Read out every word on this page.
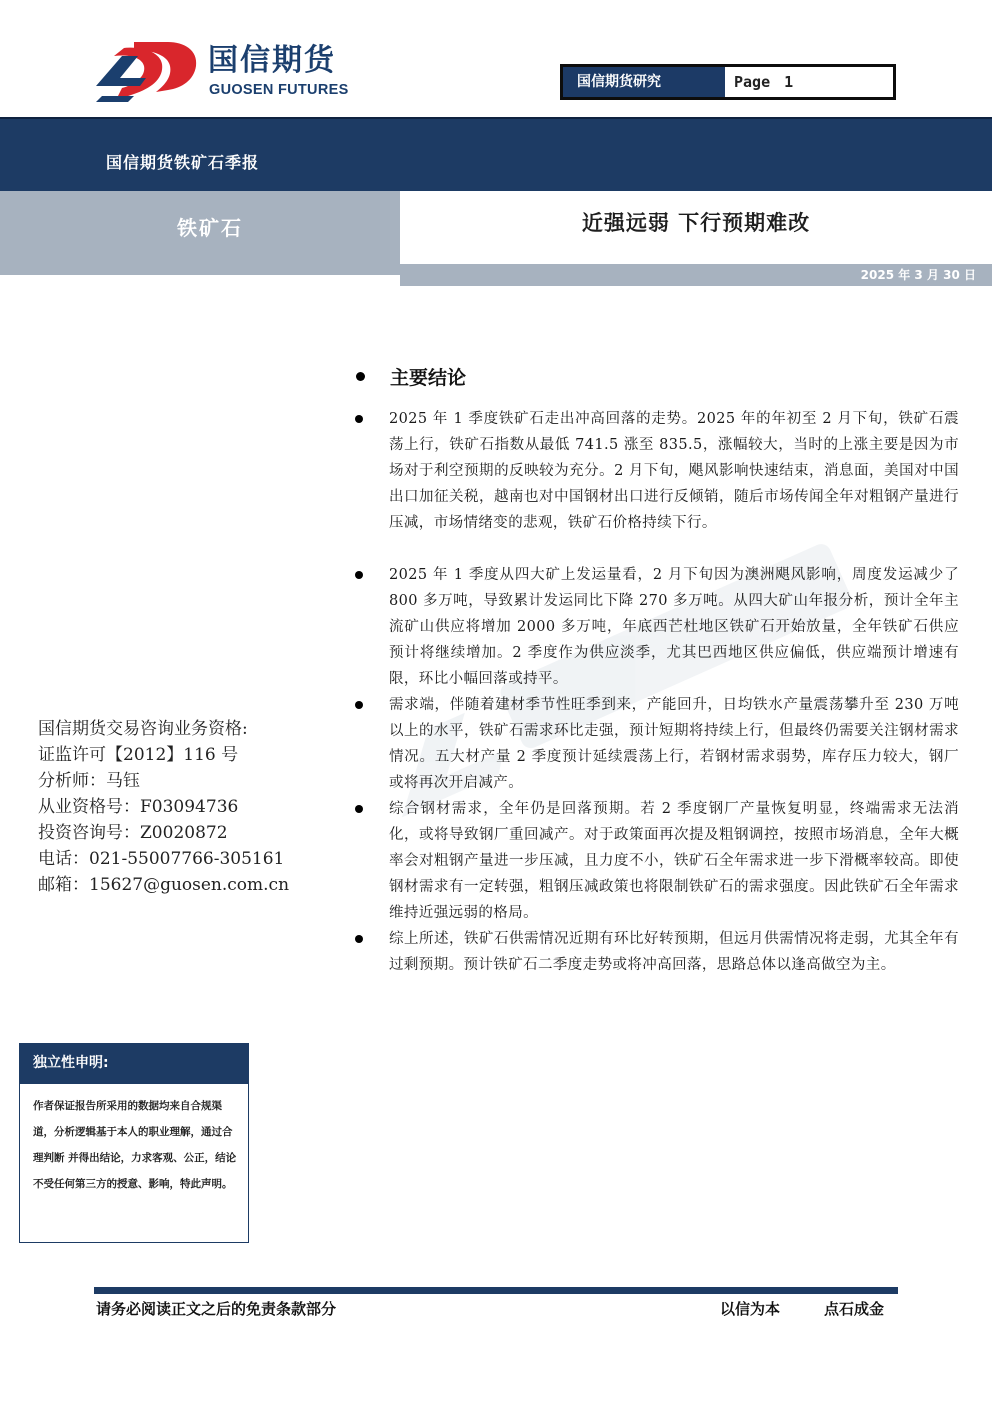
国信期货
GUOSEN FUTURES	国信期货研究	Page 1
国信期货铁矿石季报
铁矿石	近强远弱 下行预期难改
2025 年 3 月 30 日
主要结论
2025 年 1 季度铁矿石走出冲高回落的走势。2025 年的年初至 2 月下旬，铁矿石震荡上行，铁矿石指数从最低 741.5 涨至 835.5，涨幅较大，当时的上涨主要是因为市场对于利空预期的反映较为充分。2 月下旬，飓风影响快速结束，消息面，美国对中国出口加征关税，越南也对中国钢材出口进行反倾销，随后市场传闻全年对粗钢产量进行压减，市场情绪变的悲观，铁矿石价格持续下行。
2025 年 1 季度从四大矿上发运量看，2 月下旬因为澳洲飓风影响，周度发运减少了 800 多万吨，导致累计发运同比下降 270 多万吨。从四大矿山年报分析，预计全年主流矿山供应将增加 2000 多万吨，年底西芒杜地区铁矿石开始放量，全年铁矿石供应预计将继续增加。2 季度作为供应淡季，尤其巴西地区供应偏低，供应端预计增速有限，环比小幅回落或持平。
需求端，伴随着建材季节性旺季到来，产能回升，日均铁水产量震荡攀升至 230 万吨以上的水平，铁矿石需求环比走强，预计短期将持续上行，但最终仍需要关注钢材需求情况。五大材产量 2 季度预计延续震荡上行，若钢材需求弱势，库存压力较大，钢厂或将再次开启减产。
综合钢材需求，全年仍是回落预期。若 2 季度钢厂产量恢复明显，终端需求无法消化，或将导致钢厂重回减产。对于政策面再次提及粗钢调控，按照市场消息，全年大概率会对粗钢产量进一步压减，且力度不小，铁矿石全年需求进一步下滑概率较高。即使钢材需求有一定转强，粗钢压减政策也将限制铁矿石的需求强度。因此铁矿石全年需求维持近强远弱的格局。
综上所述，铁矿石供需情况近期有环比好转预期，但远月供需情况将走弱，尤其全年有过剩预期。预计铁矿石二季度走势或将冲高回落，思路总体以逢高做空为主。
国信期货交易咨询业务资格:
证监许可【2012】116 号
分析师：马钰
从业资格号：F03094736
投资咨询号：Z0020872
电话：021-55007766-305161
邮箱：15627@guosen.com.cn
独立性申明:
作者保证报告所采用的数据均来自合规渠道，分析逻辑基于本人的职业理解，通过合理判断 并得出结论，力求客观、公正，结论不受任何第三方的授意、影响，特此声明。
请务必阅读正文之后的免责条款部分	以信为本	点石成金
